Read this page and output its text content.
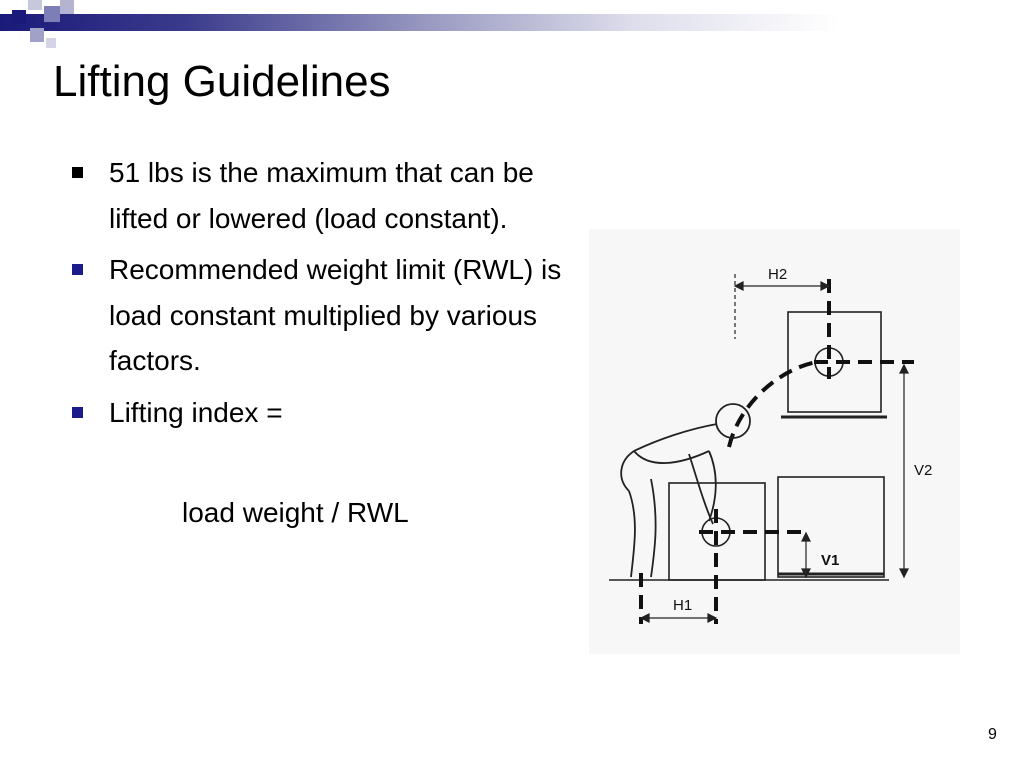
Lifting Guidelines
51 lbs is the maximum that can be lifted or lowered (load constant).
Recommended weight limit (RWL) is load constant multiplied by various factors.
Lifting index =
load weight / RWL
H2
H1
V2
V1
9
